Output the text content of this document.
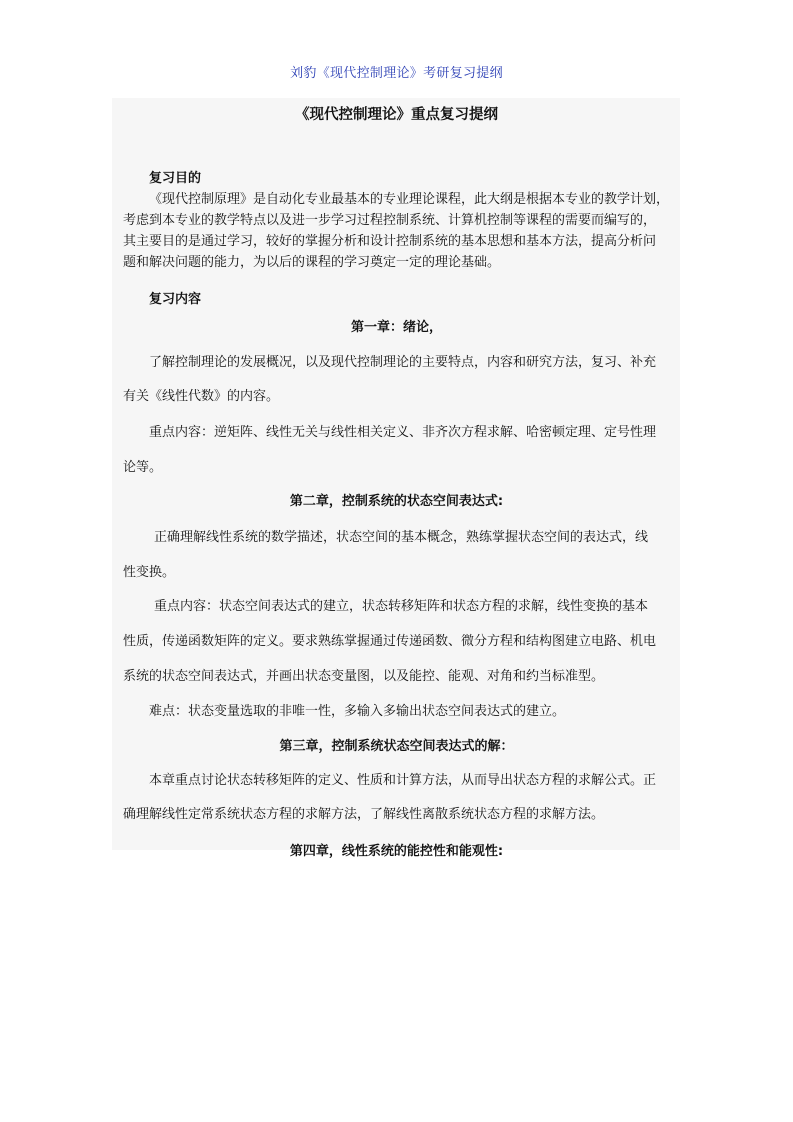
刘豹《现代控制理论》考研复习提纲
《现代控制理论》重点复习提纲
复习目的
《现代控制原理》是自动化专业最基本的专业理论课程，此大纲是根据本专业的教学计划，
考虑到本专业的教学特点以及进一步学习过程控制系统、计算机控制等课程的需要而编写的，
其主要目的是通过学习，较好的掌握分析和设计控制系统的基本思想和基本方法，提高分析问
题和解决问题的能力，为以后的课程的学习奠定一定的理论基础。
复习内容
第一章：绪论，
了解控制理论的发展概况，以及现代控制理论的主要特点，内容和研究方法，复习、补充
有关《线性代数》的内容。
重点内容：逆矩阵、线性无关与线性相关定义、非齐次方程求解、哈密顿定理、定号性理
论等。
第二章，控制系统的状态空间表达式:
正确理解线性系统的数学描述，状态空间的基本概念，熟练掌握状态空间的表达式，线
性变换。
重点内容：状态空间表达式的建立，状态转移矩阵和状态方程的求解，线性变换的基本
性质，传递函数矩阵的定义。要求熟练掌握通过传递函数、微分方程和结构图建立电路、机电
系统的状态空间表达式，并画出状态变量图，以及能控、能观、对角和约当标准型。
难点：状态变量选取的非唯一性，多输入多输出状态空间表达式的建立。
第三章，控制系统状态空间表达式的解：
本章重点讨论状态转移矩阵的定义、性质和计算方法，从而导出状态方程的求解公式。正
确理解线性定常系统状态方程的求解方法，了解线性离散系统状态方程的求解方法。
第四章，线性系统的能控性和能观性:
